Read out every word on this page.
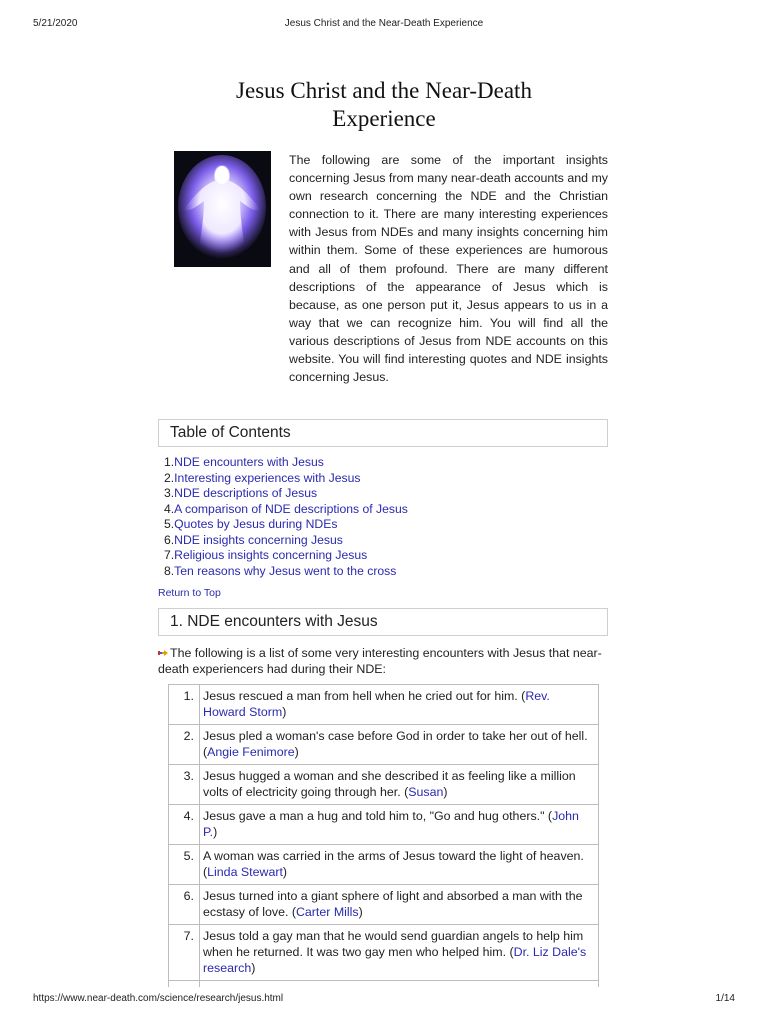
5/21/2020	Jesus Christ and the Near-Death Experience
Jesus Christ and the Near-Death
Experience

The following are some of the important insights concerning Jesus from many near-death accounts and my own research concerning the NDE and the Christian connection to it. There are many interesting experiences with Jesus from NDEs and many insights concerning him within them. Some of these experiences are humorous and all of them profound. There are many different descriptions of the appearance of Jesus which is because, as one person put it, Jesus appears to us in a way that we can recognize him. You will find all the various descriptions of Jesus from NDE accounts on this website. You will find interesting quotes and NDE insights concerning Jesus.

Table of Contents
1.NDE encounters with Jesus
2.Interesting experiences with Jesus
3.NDE descriptions of Jesus
4.A comparison of NDE descriptions of Jesus
5.Quotes by Jesus during NDEs
6.NDE insights concerning Jesus
7.Religious insights concerning Jesus
8.Ten reasons why Jesus went to the cross
Return to Top
1. NDE encounters with Jesus

The following is a list of some very interesting encounters with Jesus that near-death experiencers had during their NDE:

1.	Jesus rescued a man from hell when he cried out for him. (Rev. Howard Storm)
2.	Jesus pled a woman's case before God in order to take her out of hell. (Angie Fenimore)
3.	Jesus hugged a woman and she described it as feeling like a million volts of electricity going through her. (Susan)
4.	Jesus gave a man a hug and told him to, "Go and hug others." (John P.)
5.	A woman was carried in the arms of Jesus toward the light of heaven. (Linda Stewart)
6.	Jesus turned into a giant sphere of light and absorbed a man with the ecstasy of love. (Carter Mills)
7.	Jesus told a gay man that he would send guardian angels to help him when he returned. It was two gay men who helped him. (Dr. Liz Dale's research)

https://www.near-death.com/science/research/jesus.html	1/14
